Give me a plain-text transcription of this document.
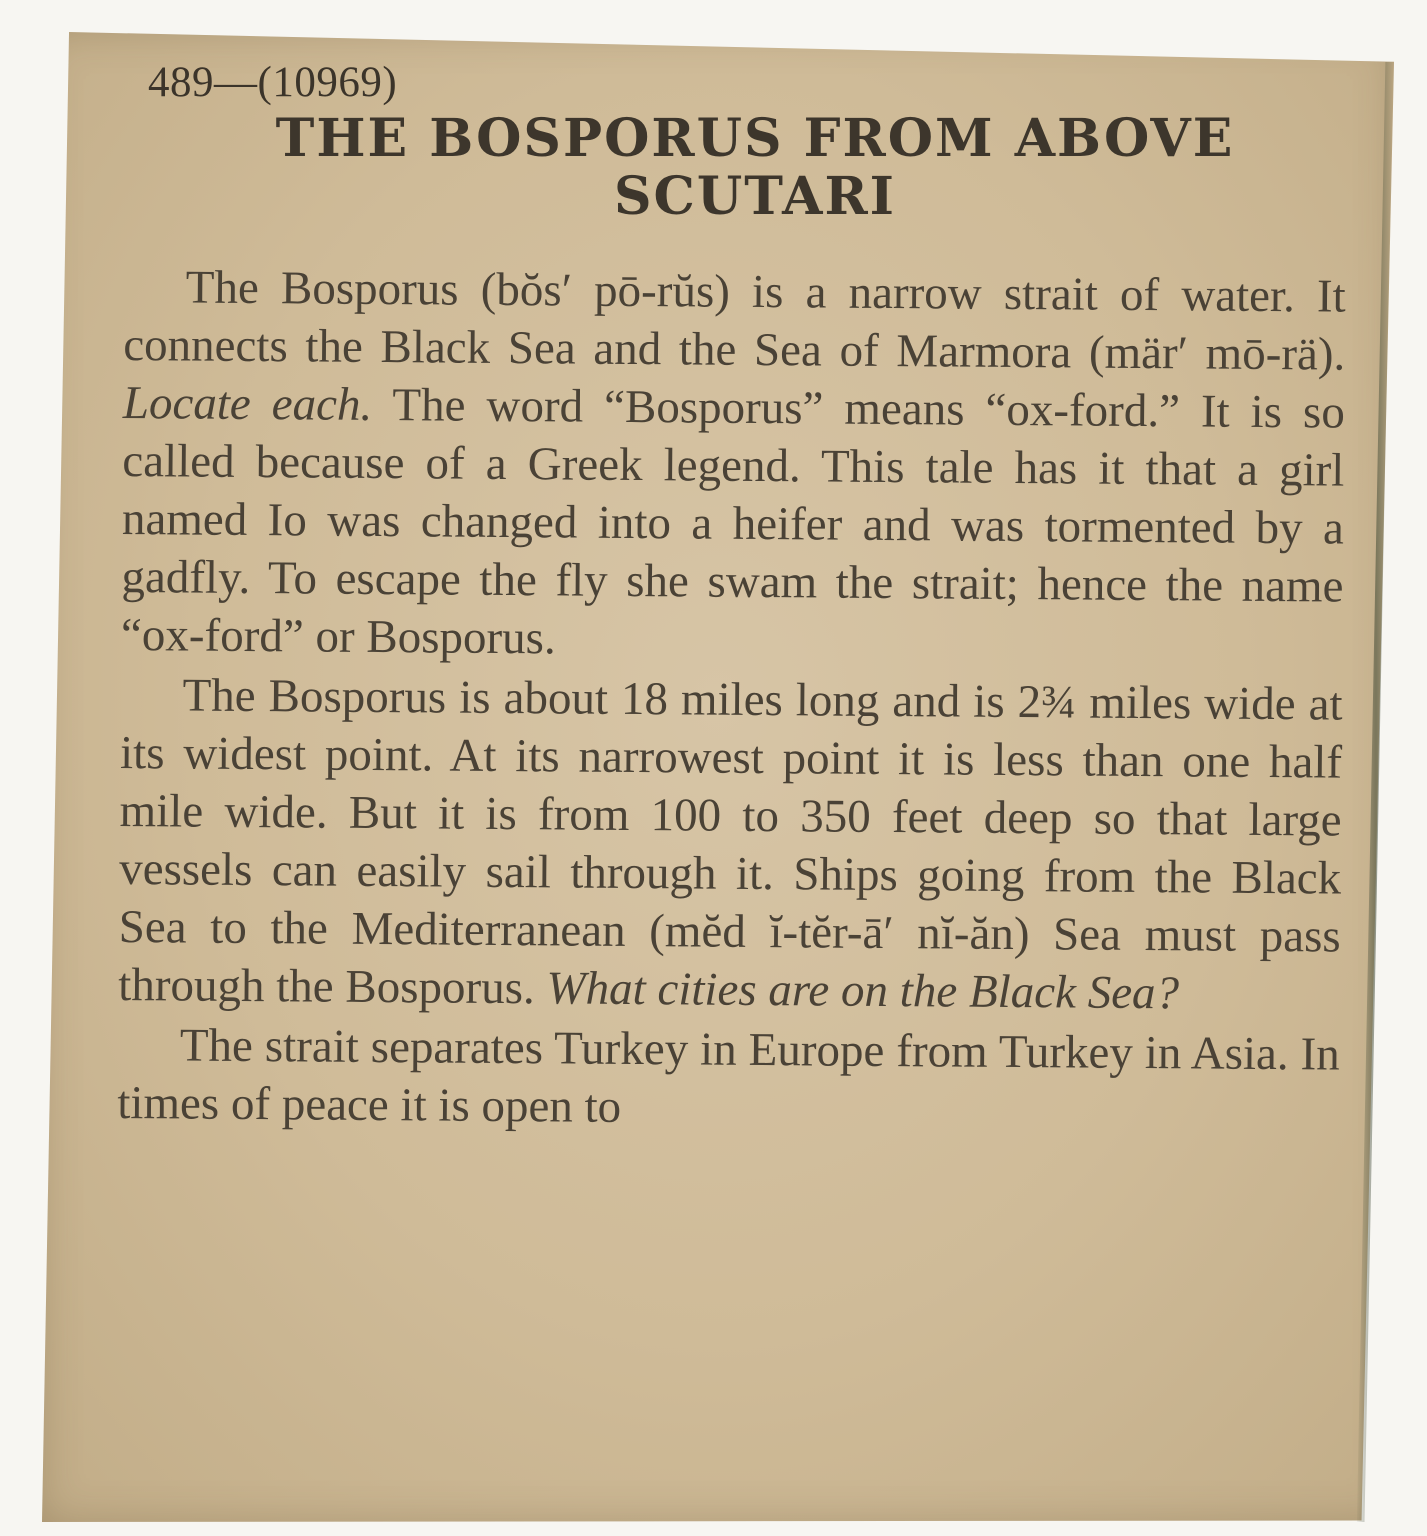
489—(10969)
THE BOSPORUS FROM ABOVE
SCUTARI

The Bosporus (bŏs′ pō-rŭs) is a narrow strait of water. It connects the Black Sea and the Sea of Marmora (mär′ mō-rä). Locate each. The word “Bosporus” means “ox-ford.” It is so called because of a Greek legend. This tale has it that a girl named Io was changed into a heifer and was tormented by a gadfly. To escape the fly she swam the strait; hence the name “ox-ford” or Bosporus.

The Bosporus is about 18 miles long and is 2¾ miles wide at its widest point. At its narrowest point it is less than one half mile wide. But it is from 100 to 350 feet deep so that large vessels can easily sail through it. Ships going from the Black Sea to the Mediterranean (mĕd ĭ-tĕr-ā′ nĭ-ăn) Sea must pass through the Bosporus. What cities are on the Black Sea?

The strait separates Turkey in Europe from Turkey in Asia. In times of peace it is open to
